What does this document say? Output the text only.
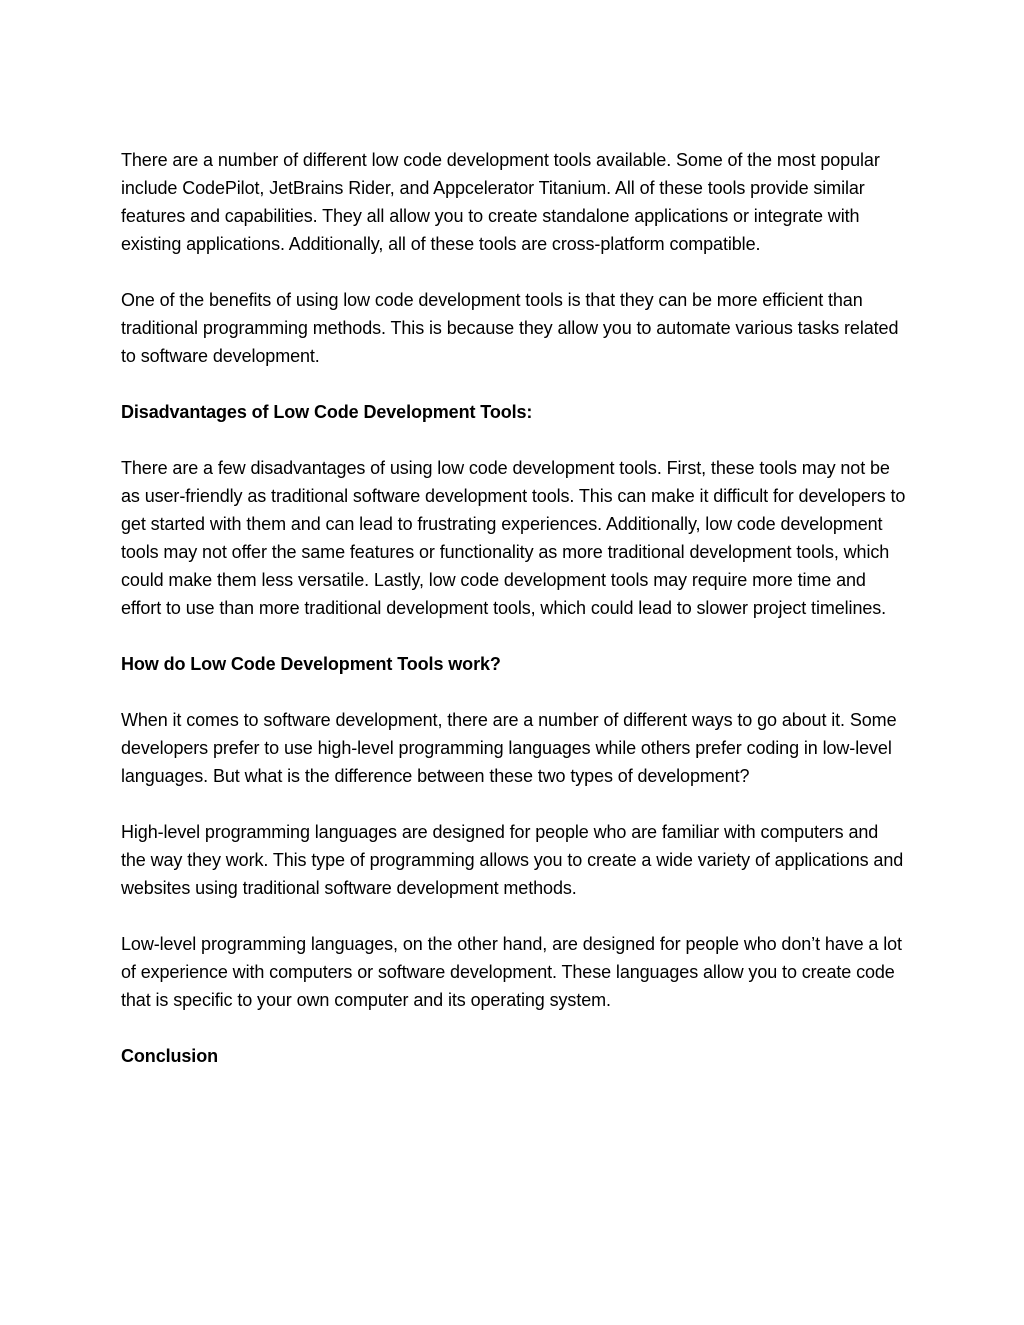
There are a number of different low code development tools available. Some of the most popular include CodePilot, JetBrains Rider, and Appcelerator Titanium. All of these tools provide similar features and capabilities. They all allow you to create standalone applications or integrate with existing applications. Additionally, all of these tools are cross-platform compatible.

One of the benefits of using low code development tools is that they can be more efficient than traditional programming methods. This is because they allow you to automate various tasks related to software development.

Disadvantages of Low Code Development Tools:

There are a few disadvantages of using low code development tools. First, these tools may not be as user-friendly as traditional software development tools. This can make it difficult for developers to get started with them and can lead to frustrating experiences. Additionally, low code development tools may not offer the same features or functionality as more traditional development tools, which could make them less versatile. Lastly, low code development tools may require more time and effort to use than more traditional development tools, which could lead to slower project timelines.

How do Low Code Development Tools work?

When it comes to software development, there are a number of different ways to go about it. Some developers prefer to use high-level programming languages while others prefer coding in low-level languages. But what is the difference between these two types of development?

High-level programming languages are designed for people who are familiar with computers and the way they work. This type of programming allows you to create a wide variety of applications and websites using traditional software development methods.

Low-level programming languages, on the other hand, are designed for people who don’t have a lot of experience with computers or software development. These languages allow you to create code that is specific to your own computer and its operating system.

Conclusion
